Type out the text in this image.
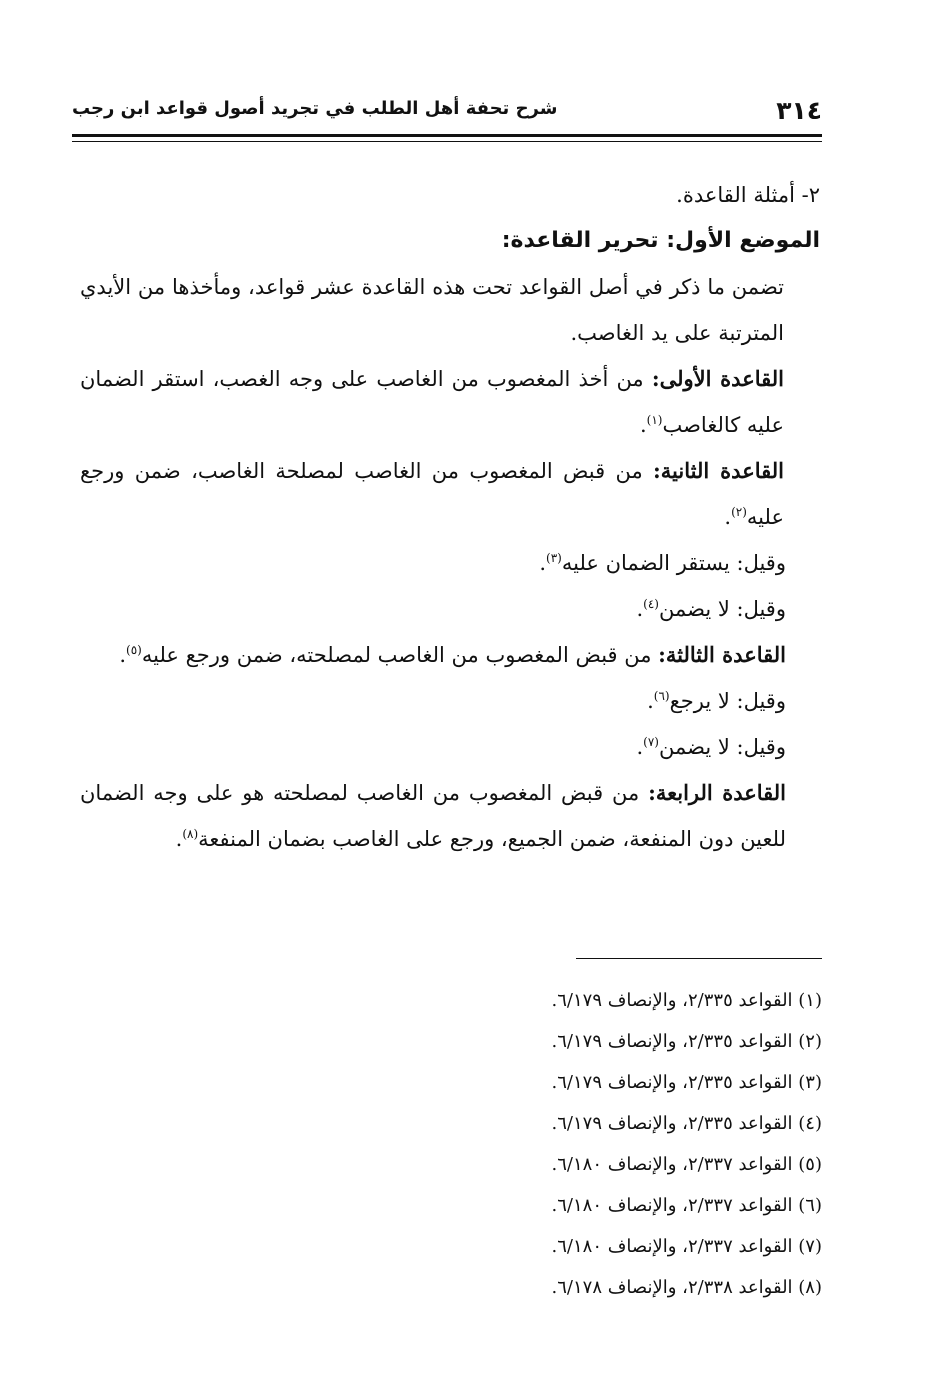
٣١٤
شرح تحفة أهل الطلب في تجريد أصول قواعد ابن رجب

٢- أمثلة القاعدة.

الموضع الأول: تحرير القاعدة:

تضمن ما ذكر في أصل القواعد تحت هذه القاعدة عشر قواعد، ومأخذها من الأيدي المترتبة على يد الغاصب.

القاعدة الأولى: من أخذ المغصوب من الغاصب على وجه الغصب، استقر الضمان عليه كالغاصب$^{(١)}$.

القاعدة الثانية: من قبض المغصوب من الغاصب لمصلحة الغاصب، ضمن ورجع عليه$^{(٢)}$.

وقيل: يستقر الضمان عليه$^{(٣)}$.

وقيل: لا يضمن$^{(٤)}$.

القاعدة الثالثة: من قبض المغصوب من الغاصب لمصلحته، ضمن ورجع عليه$^{(٥)}$.

وقيل: لا يرجع$^{(٦)}$.

وقيل: لا يضمن$^{(٧)}$.

القاعدة الرابعة: من قبض المغصوب من الغاصب لمصلحته هو على وجه الضمان للعين دون المنفعة، ضمن الجميع، ورجع على الغاصب بضمان المنفعة$^{(٨)}$.

(١) القواعد ٢/٣٣٥، والإنصاف ٦/١٧٩.
(٢) القواعد ٢/٣٣٥، والإنصاف ٦/١٧٩.
(٣) القواعد ٢/٣٣٥، والإنصاف ٦/١٧٩.
(٤) القواعد ٢/٣٣٥، والإنصاف ٦/١٧٩.
(٥) القواعد ٢/٣٣٧، والإنصاف ٦/١٨٠.
(٦) القواعد ٢/٣٣٧، والإنصاف ٦/١٨٠.
(٧) القواعد ٢/٣٣٧، والإنصاف ٦/١٨٠.
(٨) القواعد ٢/٣٣٨، والإنصاف ٦/١٧٨.
